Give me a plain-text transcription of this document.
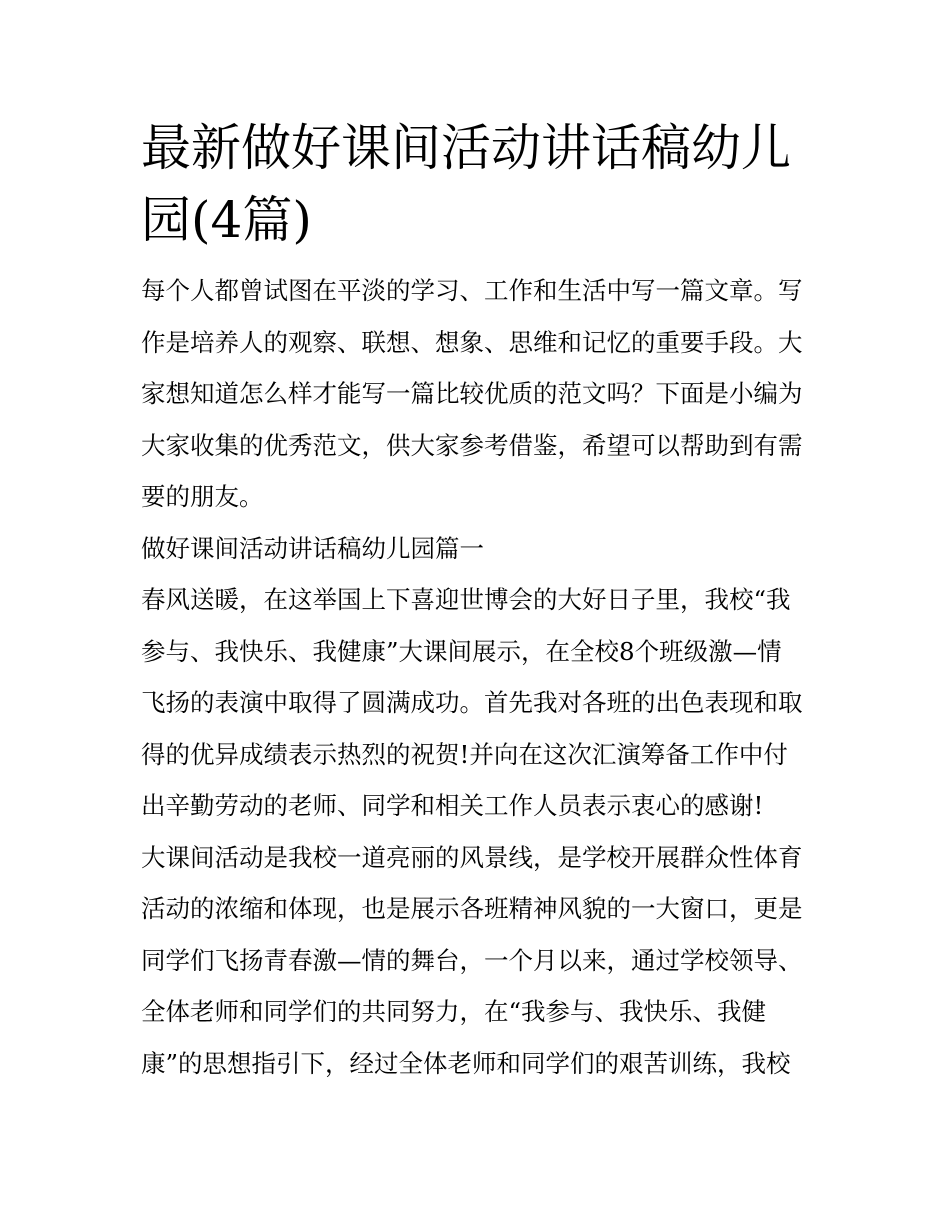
最新做好课间活动讲话稿幼儿
园(4篇)
每个人都曾试图在平淡的学习、工作和生活中写一篇文章。写
作是培养人的观察、联想、想象、思维和记忆的重要手段。大
家想知道怎么样才能写一篇比较优质的范文吗？下面是小编为
大家收集的优秀范文，供大家参考借鉴，希望可以帮助到有需
要的朋友。
做好课间活动讲话稿幼儿园篇一
春风送暖，在这举国上下喜迎世博会的大好日子里，我校“我
参与、我快乐、我健康”大课间展示，在全校8个班级激—情
飞扬的表演中取得了圆满成功。首先我对各班的出色表现和取
得的优异成绩表示热烈的祝贺!并向在这次汇演筹备工作中付
出辛勤劳动的老师、同学和相关工作人员表示衷心的感谢!
大课间活动是我校一道亮丽的风景线，是学校开展群众性体育
活动的浓缩和体现，也是展示各班精神风貌的一大窗口，更是
同学们飞扬青春激—情的舞台，一个月以来，通过学校领导、
全体老师和同学们的共同努力，在“我参与、我快乐、我健
康”的思想指引下，经过全体老师和同学们的艰苦训练，我校
